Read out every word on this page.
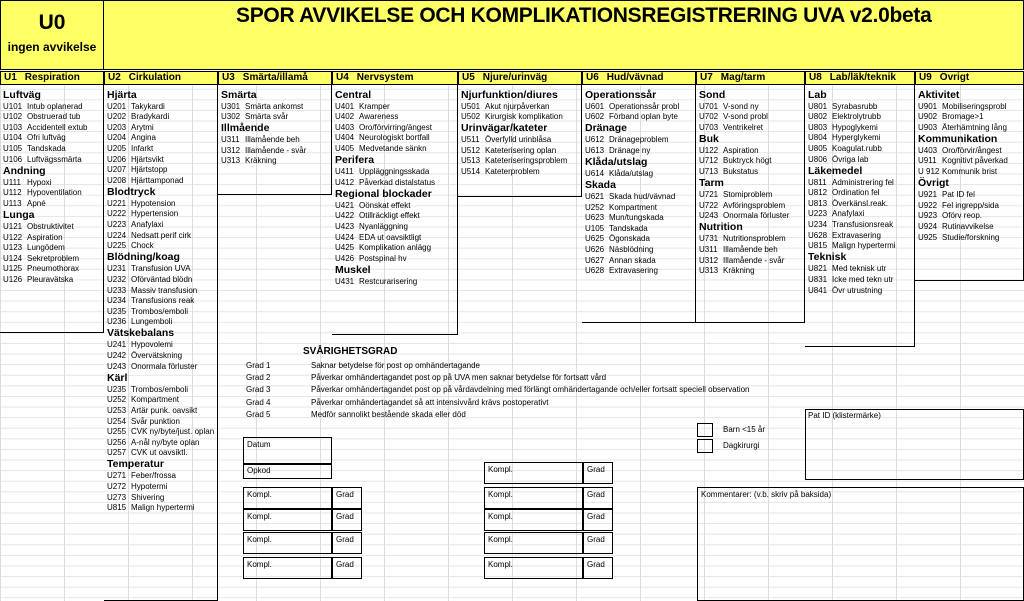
U0
ingen avvikelse
SPOR AVVIKELSE OCH KOMPLIKATIONSREGISTRERING UVA v2.0beta
U1 Respiration
Luftväg
U101 Intub oplanerad
U102 Obstruerad tub
U103 Accidentell extub
U104 Ofri luftväg
U105 Tandskada
U106 Luftvägssmärta
Andning
U111 Hypoxi
U112 Hypoventilation
U113 Apné
Lunga
U121 Obstruktivitet
U122 Aspiration
U123 Lungödem
U124 Sekretproblem
U125 Pneumothorax
U126 Pleuravätska
U2 Cirkulation
Hjärta
U201 Takykardi
U202 Bradykardi
U203 Arytmi
U204 Angina
U205 Infarkt
U206 Hjärtsvikt
U207 Hjärtstopp
U208 Hjärttamponad
Blodtryck
U221 Hypotension
U222 Hypertension
U223 Anafylaxi
U224 Nedsatt perif cirk
U225 Chock
Blödning/koag
U231 Transfusion UVA
U232 Oförväntad blödn
U233 Massiv transfusion
U234 Transfusions reak
U235 Trombos/emboli
U236 Lungemboli
Vätskebalans
U241 Hypovolemi
U242 Övervätskning
U243 Onormala förluster
Kärl
U235 Trombos/emboli
U252 Kompartment
U253 Artär punk. oavsikt
U254 Svår punktion
U255 CVK ny/byte/just. oplan
U256 A-nål ny/byte oplan
U257 CVK ut oavsiktl.
Temperatur
U271 Feber/frossa
U272 Hypotermi
U273 Shivering
U815 Malign hypertermi
U3 Smärta/illamå
Smärta
U301 Smärta ankomst
U302 Smärta svår
Illmående
U311 Illamående beh
U312 Illamående - svår
U313 Kräkning
U4 Nervsystem
Central
U401 Kramper
U402 Awareness
U403 Oro/förvirring/ängest
U404 Neurologiskt bortfall
U405 Medvetande sänkn
Perifera
U411 Uppläggningsskada
U412 Påverkad distalstatus
Regional blockader
U421 Oönskat effekt
U422 Otillräckligt effekt
U423 Nyanläggning
U424 EDA ut oavsiktligt
U425 Komplikation anlägg
U426 Postspinal hv
Muskel
U431 Restcurarisering
U5 Njure/urinväg
Njurfunktion/diures
U501 Akut njurpåverkan
U502 Kirurgisk komplikation
Urinvägar/kateter
U511 Överfylld urinblåsa
U512 Kateterisering oplan
U513 Kateteriseringsproblem
U514 Kateterproblem
U6 Hud/vävnad
Operationssår
U601 Operationssår probl
U602 Förband oplan byte
Dränage
U612 Dränageproblem
U613 Dränage ny
Klåda/utslag
U614 Klåda/utslag
Skada
U621 Skada hud/vävnad
U252 Kompartment
U623 Mun/tungskada
U105 Tandskada
U625 Ögonskada
U626 Näsblödning
U627 Annan skada
U628 Extravasering
U7 Mag/tarm
Sond
U701 V-sond ny
U702 V-sond probl
U703 Ventrikelret
Buk
U122 Aspiration
U712 Buktryck högt
U713 Bukstatus
Tarm
U721 Stomiproblem
U722 Avföringsproblem
U243 Onormala förluster
Nutrition
U731 Nutritionsproblem
U311 Illamående beh
U312 Illamående - svår
U313 Kräkning
U8 Lab/läk/teknik
Lab
U801 Syrabasrubb
U802 Elektrolytrubb
U803 Hypoglykemi
U804 Hyperglykemi
U805 Koagulat.rubb
U806 Övriga lab
Läkemedel
U811 Administrering fel
U812 Ordination fel
U813 Överkänsl.reak.
U223 Anafylaxi
U234 Transfusionsreak
U628 Extravasering
U815 Malign hypertermi
Teknisk
U821 Med teknisk utr
U831 Icke med tekn utr
U841 Övr utrustning
U9 Övrigt
Aktivitet
U901 Mobiliseringsprobl
U902 Bromage>1
U903 Återhämtning lång
Kommunikation
U403 Oro/förvir/ångest
U911 Kognitivt påverkad
U 912 Kommunik brist
Övrigt
U921 Pat ID fel
U922 Fel ingrepp/sida
U923 Oförv reop.
U924 Rutinavvikelse
U925 Studie/forskning
SVÅRIGHETSGRAD
Grad 1	Saknar betydelse för post op omhändertagande
Grad 2	Påverkar omhändertagandet post op på UVA men saknar betydelse för fortsatt vård
Grad 3	Påverkar omhändertagandet post op på vårdavdelning med förlängt omhändertagande och/eller fortsatt speciell observation
Grad 4	Påverkar omhändertagandet så att intensivvård krävs postoperativt
Grad 5	Medför sannolikt bestående skada eller död	Pat ID (klistermärke)
Barn <15 år
Dagkirurgi
Datum
Opkod
Kompl.	Grad
Kompl.	Grad
Kompl.	Grad
Kompl.	Grad
Kompl.	Grad
Kompl.	Grad
Kompl.	Grad
Kompl.	Grad
Kompl.	Grad
Kommentarer: (v.b. skriv på baksida)
